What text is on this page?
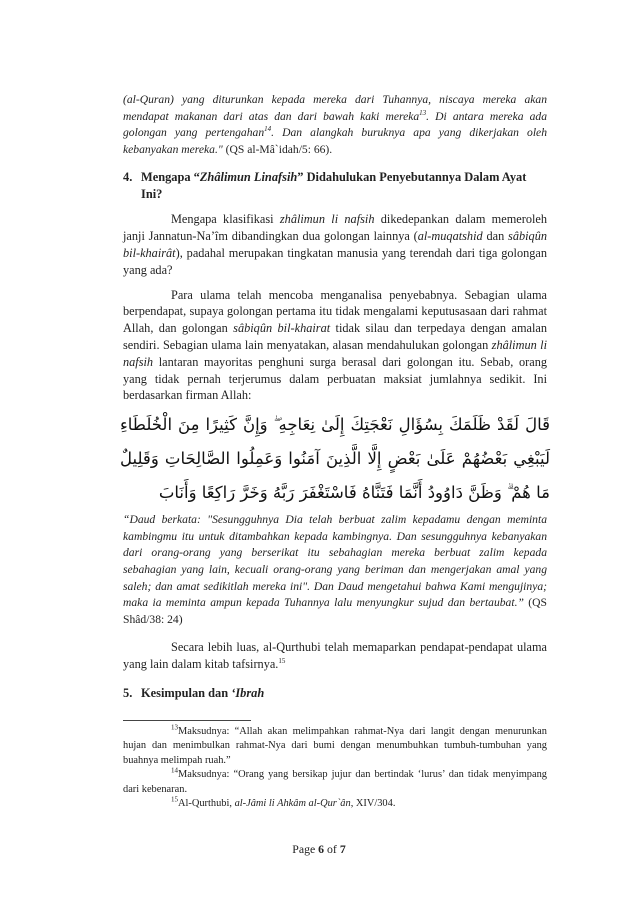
(al-Quran) yang diturunkan kepada mereka dari Tuhannya, niscaya mereka akan mendapat makanan dari atas dan dari bawah kaki mereka$^{13}$. Di antara mereka ada golongan yang pertengahan$^{14}$. Dan alangkah buruknya apa yang dikerjakan oleh kebanyakan mereka." (QS al-Mâ`idah/5: 66).

4. Mengapa “Zhâlimun Linafsih” Didahulukan Penyebutannya Dalam Ayat Ini?

Mengapa klasifikasi zhâlimun li nafsih dikedepankan dalam memeroleh janji Jannatun-Na’îm dibandingkan dua golongan lainnya (al-muqatshid dan sâbiqûn bil-khairât), padahal merupakan tingkatan manusia yang terendah dari tiga golongan yang ada?

Para ulama telah mencoba menganalisa penyebabnya. Sebagian ulama berpendapat, supaya golongan pertama itu tidak mengalami keputusasaan dari rahmat Allah, dan golongan sâbiqûn bil-khairat tidak silau dan terpedaya dengan amalan sendiri. Sebagian ulama lain menyatakan, alasan mendahulukan golongan zhâlimun li nafsih lantaran mayoritas penghuni surga berasal dari golongan itu. Sebab, orang yang tidak pernah terjerumus dalam perbuatan maksiat jumlahnya sedikit. Ini berdasarkan firman Allah:

قَالَ لَقَدْ ظَلَمَكَ بِسُؤَالِ نَعْجَتِكَ إِلَىٰ نِعَاجِهِ ۖ وَإِنَّ كَثِيرًا مِنَ الْخُلَطَاءِ لَيَبْغِي بَعْضُهُمْ عَلَىٰ بَعْضٍ إِلَّا الَّذِينَ آمَنُوا وَعَمِلُوا الصَّالِحَاتِ وَقَلِيلٌ مَا هُمْ ۗ وَظَنَّ دَاوُودُ أَنَّمَا فَتَنَّاهُ فَاسْتَغْفَرَ رَبَّهُ وَخَرَّ رَاكِعًا وَأَنَابَ

“Daud berkata: "Sesungguhnya Dia telah berbuat zalim kepadamu dengan meminta kambingmu itu untuk ditambahkan kepada kambingnya. Dan sesungguhnya kebanyakan dari orang-orang yang berserikat itu sebahagian mereka berbuat zalim kepada sebahagian yang lain, kecuali orang-orang yang beriman dan mengerjakan amal yang saleh; dan amat sedikitlah mereka ini". Dan Daud mengetahui bahwa Kami mengujinya; maka ia meminta ampun kepada Tuhannya lalu menyungkur sujud dan bertaubat.” (QS Shâd/38: 24)

Secara lebih luas, al-Qurthubi telah memaparkan pendapat-pendapat ulama yang lain dalam kitab tafsirnya.$^{15}$

5. Kesimpulan dan ‘Ibrah

$^{13}$Maksudnya: “Allah akan melimpahkan rahmat-Nya dari langit dengan menurunkan hujan dan menimbulkan rahmat-Nya dari bumi dengan menumbuhkan tumbuh-tumbuhan yang buahnya melimpah ruah.”

$^{14}$Maksudnya: “Orang yang bersikap jujur dan bertindak ‘lurus’ dan tidak menyimpang dari kebenaran.

$^{15}$Al-Qurthubi, al-Jâmi li Ahkâm al-Qur`ân, XIV/304.

Page 6 of 7
